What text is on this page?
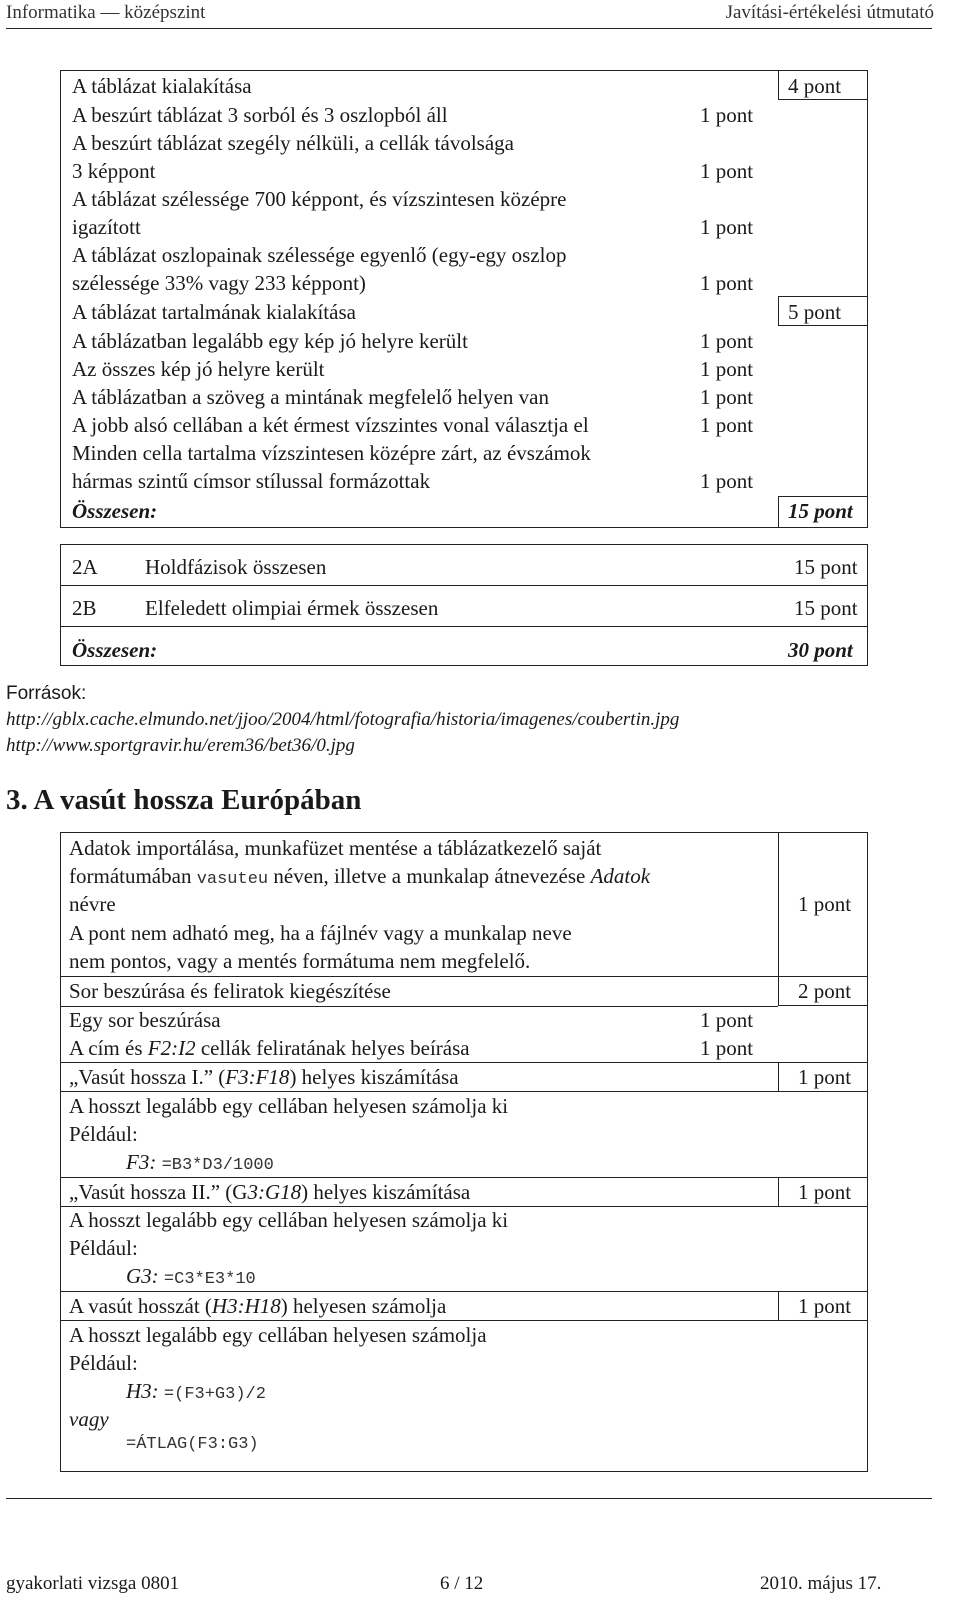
Informatika — középszint	Javítási-értékelési útmutató
A táblázat kialakítása	4 pont
A beszúrt táblázat 3 sorból és 3 oszlopból áll	1 pont
A beszúrt táblázat szegély nélküli, a cellák távolsága
3 képpont	1 pont
A táblázat szélessége 700 képpont, és vízszintesen középre
igazított	1 pont
A táblázat oszlopainak szélessége egyenlő (egy-egy oszlop
szélessége 33% vagy 233 képpont)	1 pont
A táblázat tartalmának kialakítása	5 pont
A táblázatban legalább egy kép jó helyre került	1 pont
Az összes kép jó helyre került	1 pont
A táblázatban a szöveg a mintának megfelelő helyen van	1 pont
A jobb alsó cellában a két érmest vízszintes vonal választja el	1 pont
Minden cella tartalma vízszintesen középre zárt, az évszámok
hármas szintű címsor stílussal formázottak	1 pont
Összesen:	15 pont
2A Holdfázisok összesen	15 pont
2B Elfeledett olimpiai érmek összesen	15 pont
Összesen:	30 pont
Források:
http://gblx.cache.elmundo.net/jjoo/2004/html/fotografia/historia/imagenes/coubertin.jpg
http://www.sportgravir.hu/erem36/bet36/0.jpg
3. A vasút hossza Európában
Adatok importálása, munkafüzet mentése a táblázatkezelő saját
formátumában vasuteu néven, illetve a munkalap átnevezése Adatok
névre	1 pont
A pont nem adható meg, ha a fájlnév vagy a munkalap neve
nem pontos, vagy a mentés formátuma nem megfelelő.
Sor beszúrása és feliratok kiegészítése	2 pont
Egy sor beszúrása	1 pont
A cím és F2:I2 cellák feliratának helyes beírása	1 pont
„Vasút hossza I.” (F3:F18) helyes kiszámítása	1 pont
A hosszt legalább egy cellában helyesen számolja ki
Például:
F3: =B3*D3/1000
„Vasút hossza II.” (G3:G18) helyes kiszámítása	1 pont
A hosszt legalább egy cellában helyesen számolja ki
Például:
G3: =C3*E3*10
A vasút hosszát (H3:H18) helyesen számolja	1 pont
A hosszt legalább egy cellában helyesen számolja
Például:
H3: =(F3+G3)/2
vagy
=ÁTLAG(F3:G3)
gyakorlati vizsga 0801	6 / 12	2010. május 17.
